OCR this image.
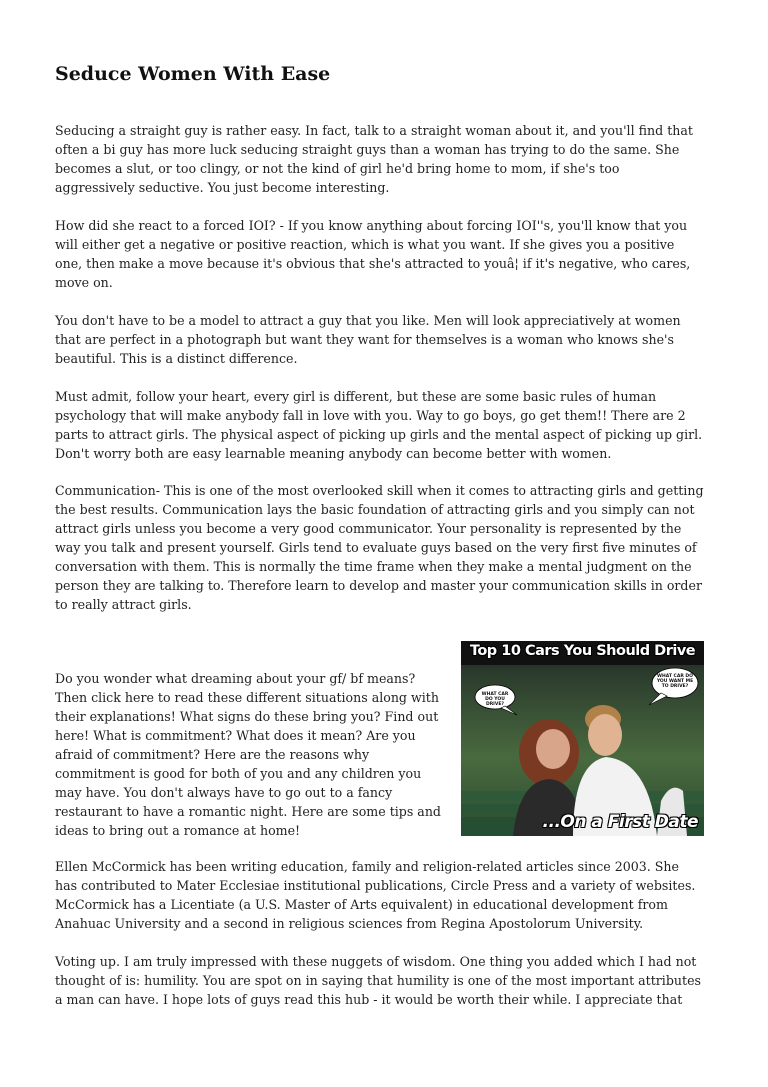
Seduce Women With Ease
Seducing a straight guy is rather easy. In fact, talk to a straight woman about it, and you'll find that
often a bi guy has more luck seducing straight guys than a woman has trying to do the same. She
becomes a slut, or too clingy, or not the kind of girl he'd bring home to mom, if she's too
aggressively seductive. You just become interesting.
How did she react to a forced IOI? - If you know anything about forcing IOI''s, you'll know that you
will either get a negative or positive reaction, which is what you want. If she gives you a positive
one, then make a move because it's obvious that she's attracted to youâ¦ if it's negative, who cares,
move on.
You don't have to be a model to attract a guy that you like. Men will look appreciatively at women
that are perfect in a photograph but want they want for themselves is a woman who knows she's
beautiful. This is a distinct difference.
Must admit, follow your heart, every girl is different, but these are some basic rules of human
psychology that will make anybody fall in love with you. Way to go boys, go get them!! There are 2
parts to attract girls. The physical aspect of picking up girls and the mental aspect of picking up girl.
Don't worry both are easy learnable meaning anybody can become better with women.
Communication- This is one of the most overlooked skill when it comes to attracting girls and getting
the best results. Communication lays the basic foundation of attracting girls and you simply can not
attract girls unless you become a very good communicator. Your personality is represented by the
way you talk and present yourself. Girls tend to evaluate guys based on the very first five minutes of
conversation with them. This is normally the time frame when they make a mental judgment on the
person they are talking to. Therefore learn to develop and master your communication skills in order
to really attract girls.
Do you wonder what dreaming about your gf/ bf means?
Then click here to read these different situations along with
their explanations! What signs do these bring you? Find out
here! What is commitment? What does it mean? Are you
afraid of commitment? Here are the reasons why
commitment is good for both of you and any children you
may have. You don't always have to go out to a fancy
restaurant to have a romantic night. Here are some tips and
ideas to bring out a romance at home!
WHAT CAR DO YOU DRIVE?
WHAT CAR DO YOU WANT ME TO DRIVE?
Top 10 Cars You Should Drive
...On a First Date
Ellen McCormick has been writing education, family and religion-related articles since 2003. She
has contributed to Mater Ecclesiae institutional publications, Circle Press and a variety of websites.
McCormick has a Licentiate (a U.S. Master of Arts equivalent) in educational development from
Anahuac University and a second in religious sciences from Regina Apostolorum University.
Voting up. I am truly impressed with these nuggets of wisdom. One thing you added which I had not
thought of is: humility. You are spot on in saying that humility is one of the most important attributes
a man can have. I hope lots of guys read this hub - it would be worth their while. I appreciate that
